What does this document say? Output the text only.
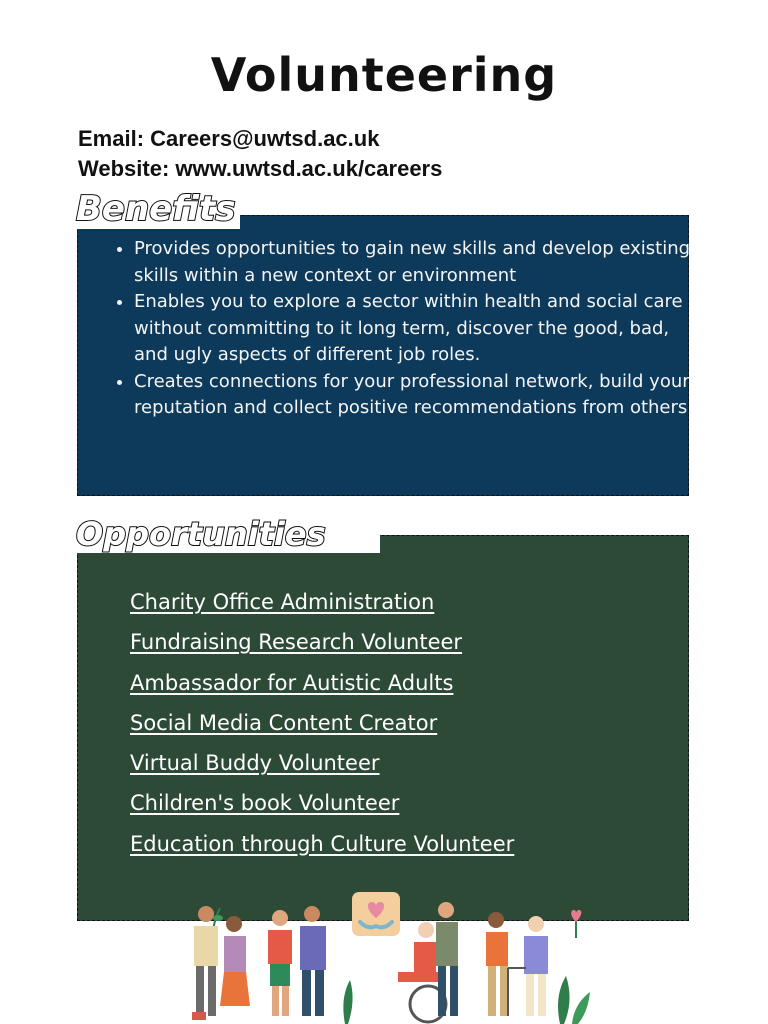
Volunteering
Email: Careers@uwtsd.ac.uk
Website: www.uwtsd.ac.uk/careers
Benefits
• Provides opportunities to gain new skills and develop existing skills within a new context or environment
• Enables you to explore a sector within health and social care without committing to it long term, discover the good, bad, and ugly aspects of different job roles.
• Creates connections for your professional network, build your reputation and collect positive recommendations from others.
Opportunities
Charity Office Administration
Fundraising Research Volunteer
Ambassador for Autistic Adults
Social Media Content Creator
Virtual Buddy Volunteer
Children's book Volunteer
Education through Culture Volunteer
